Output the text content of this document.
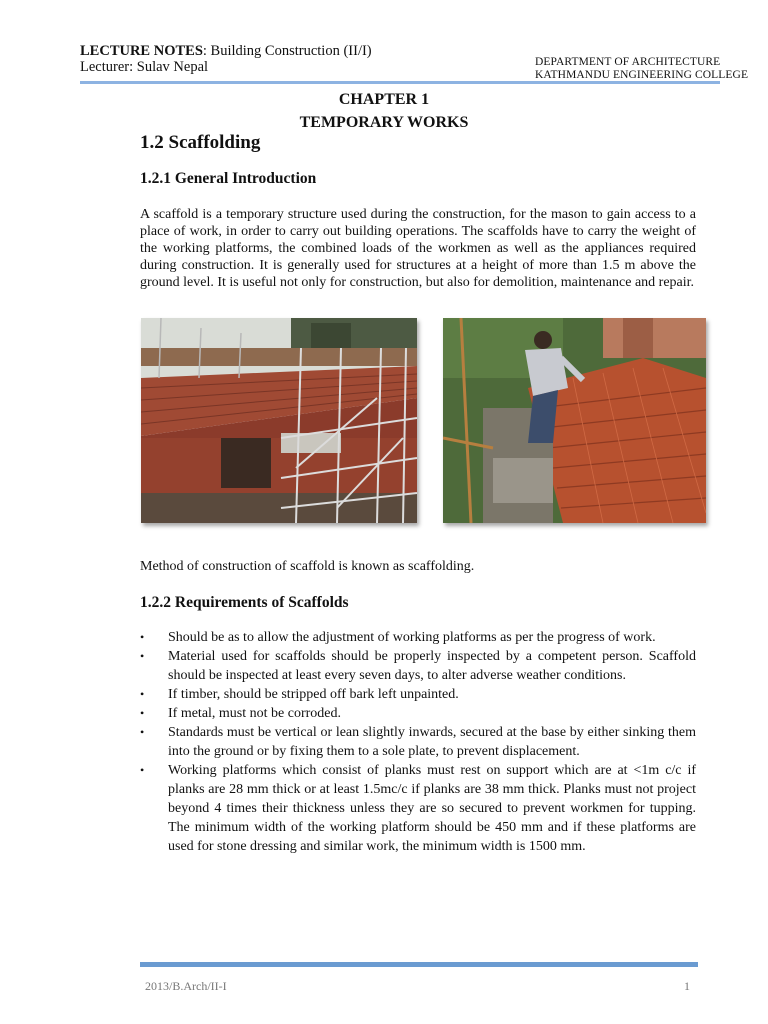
LECTURE NOTES: Building Construction (II/I)
Lecturer: Sulav Nepal	DEPARTMENT OF ARCHITECTURE
KATHMANDU ENGINEERING COLLEGE
CHAPTER 1
TEMPORARY WORKS
1.2 Scaffolding
1.2.1 General Introduction
A scaffold is a temporary structure used during the construction, for the mason to gain access to a place of work, in order to carry out building operations. The scaffolds have to carry the weight of the working platforms, the combined loads of the workmen as well as the appliances required during construction. It is generally used for structures at a height of more than 1.5 m above the ground level. It is useful not only for construction, but also for demolition, maintenance and repair.
Method of construction of scaffold is known as scaffolding.
1.2.2 Requirements of Scaffolds
• Should be as to allow the adjustment of working platforms as per the progress of work.
• Material used for scaffolds should be properly inspected by a competent person. Scaffold should be inspected at least every seven days, to alter adverse weather conditions.
• If timber, should be stripped off bark left unpainted.
• If metal, must not be corroded.
• Standards must be vertical or lean slightly inwards, secured at the base by either sinking them into the ground or by fixing them to a sole plate, to prevent displacement.
• Working platforms which consist of planks must rest on support which are at <1m c/c if planks are 28 mm thick or at least 1.5mc/c if planks are 38 mm thick. Planks must not project beyond 4 times their thickness unless they are so secured to prevent workmen for tupping. The minimum width of the working platform should be 450 mm and if these platforms are used for stone dressing and similar work, the minimum width is 1500 mm.
2013/B.Arch/II-I	1
